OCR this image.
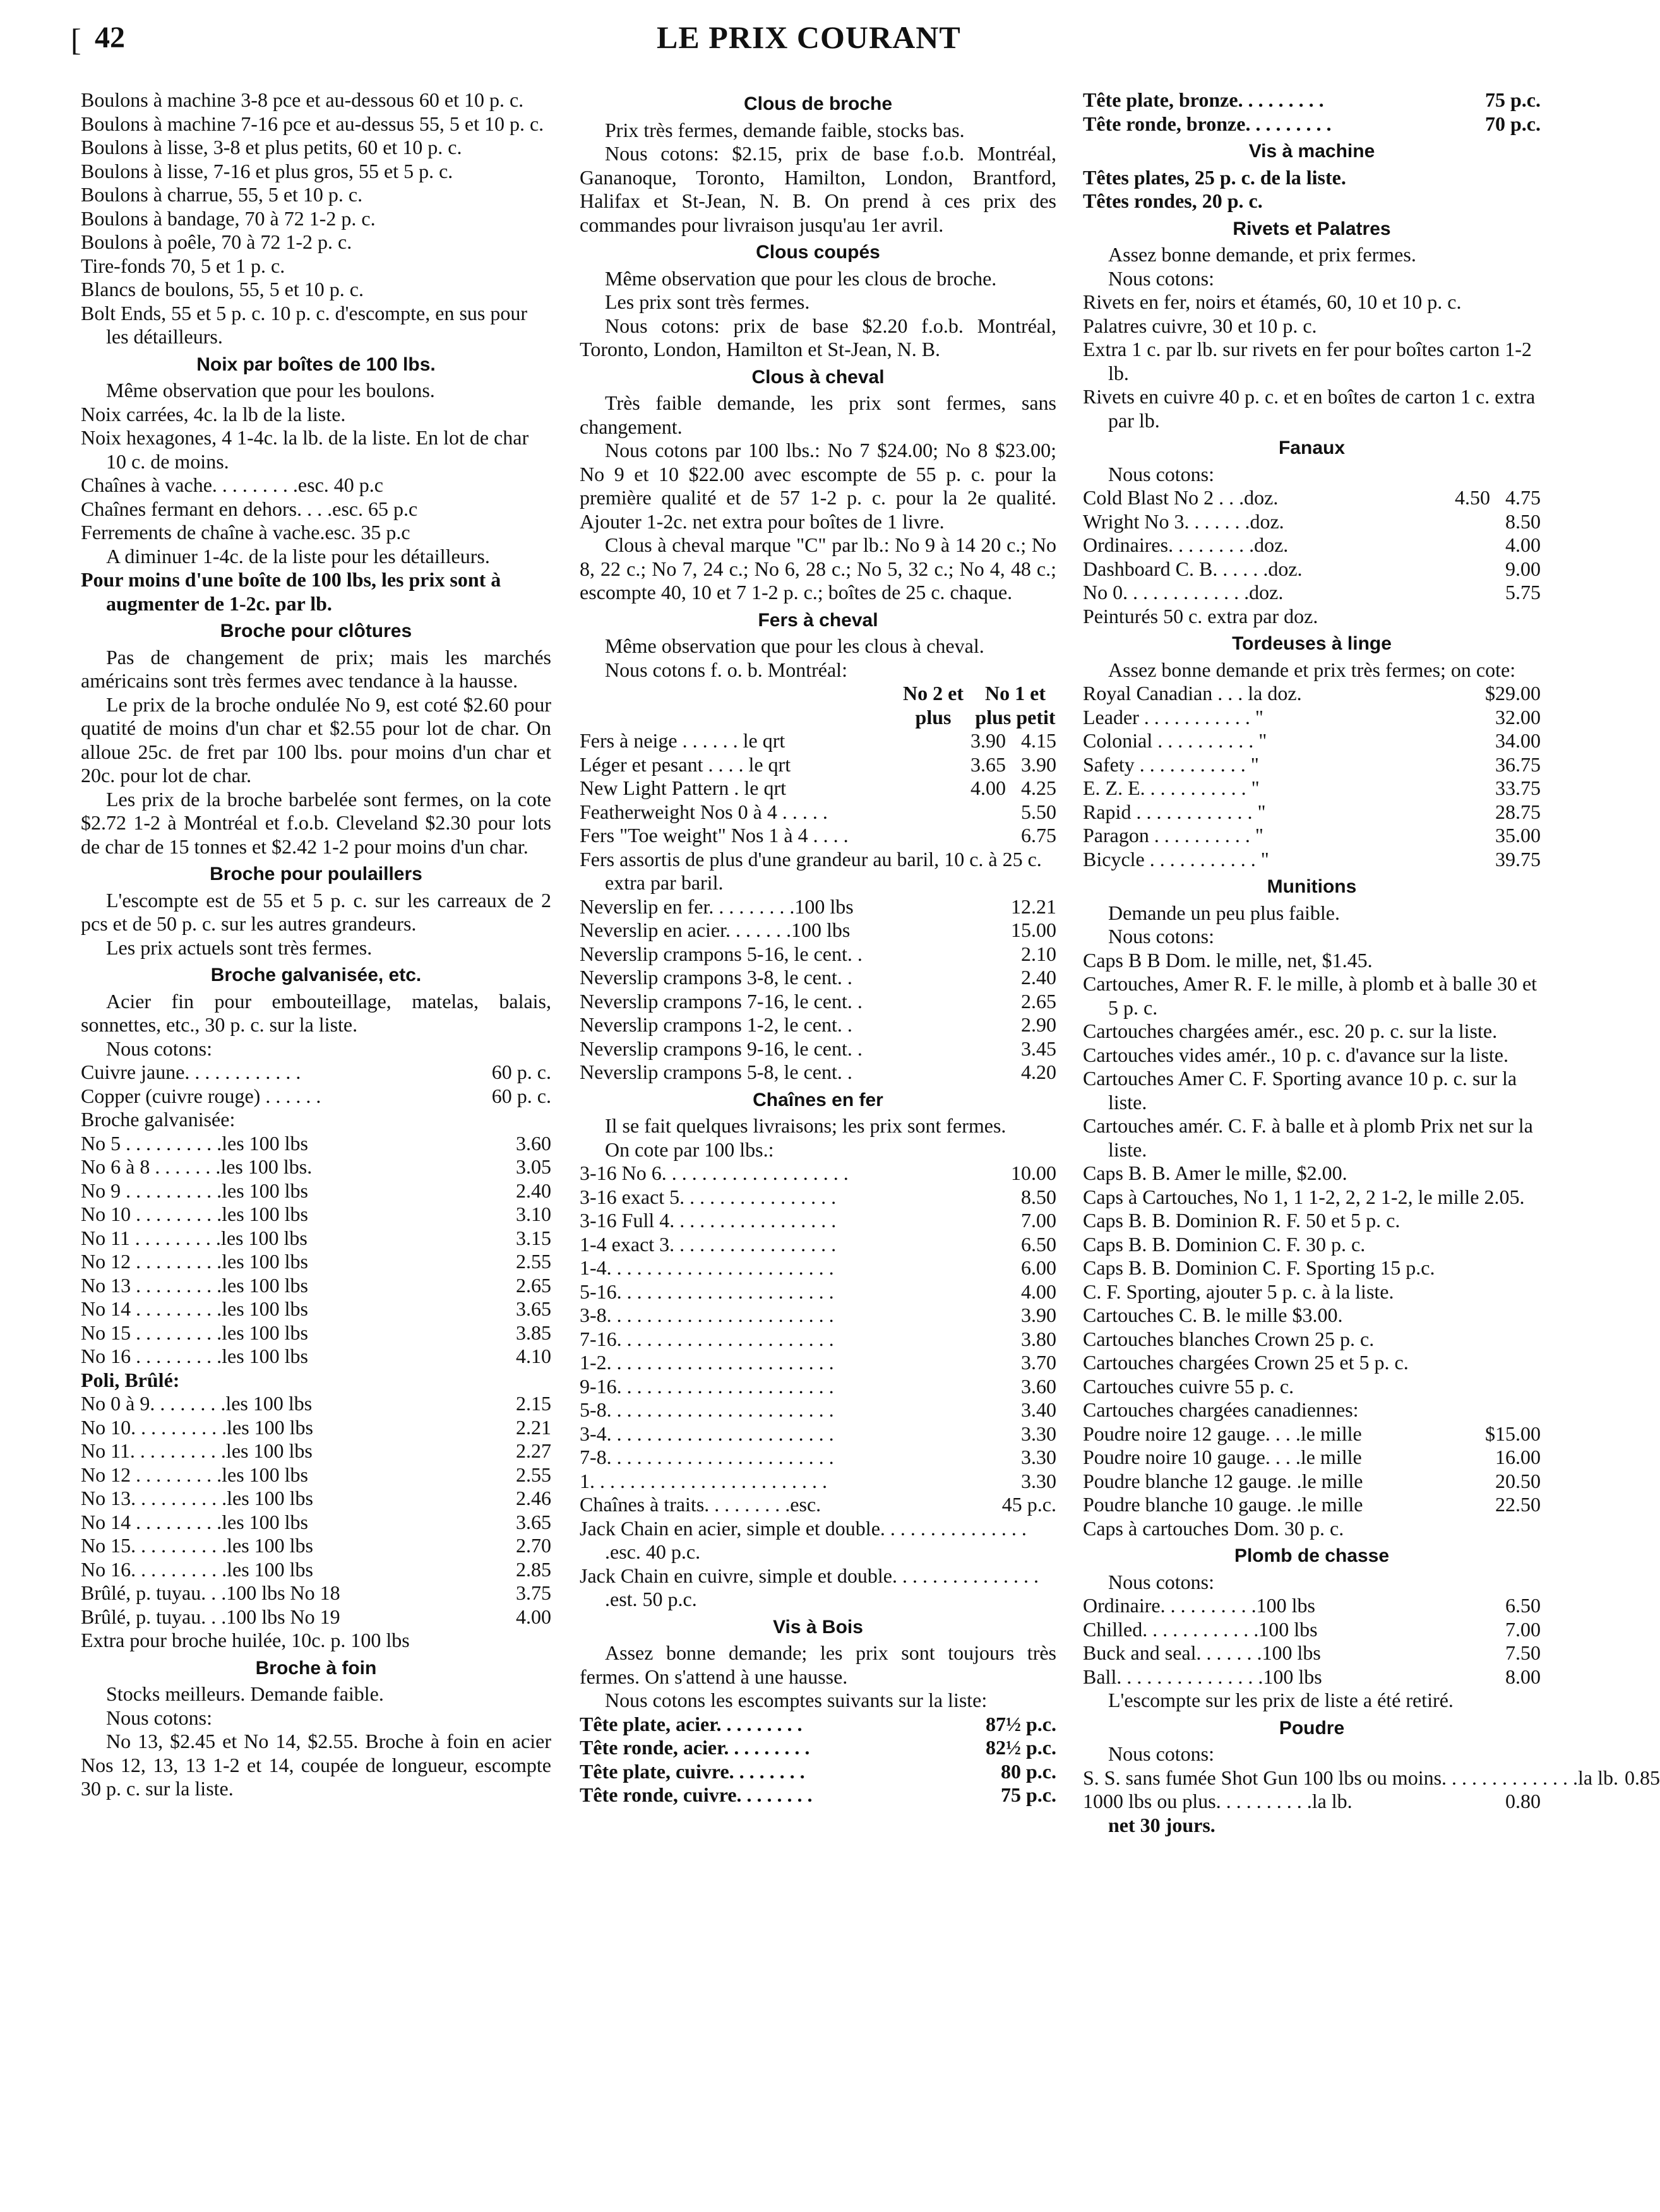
[ 42	LE PRIX COURANT
Boulons à machine 3-8 pce et au-dessous 60 et 10 p. c.
Boulons à machine 7-16 pce et au-dessus 55, 5 et 10 p. c.
Boulons à lisse, 3-8 et plus petits, 60 et 10 p. c.
Boulons à lisse, 7-16 et plus gros, 55 et 5 p. c.
Boulons à charrue, 55, 5 et 10 p. c.
Boulons à bandage, 70 à 72 1-2 p. c.
Boulons à poêle, 70 à 72 1-2 p. c.
Tire-fonds 70, 5 et 1 p. c.
Blancs de boulons, 55, 5 et 10 p. c.
Bolt Ends, 55 et 5 p. c. 10 p. c. d'escompte, en sus pour les détailleurs.
Noix par boîtes de 100 lbs.
Même observation que pour les boulons.
Noix carrées, 4c. la lb de la liste.
Noix hexagones, 4 1-4c. la lb. de la liste. En lot de char 10 c. de moins.
Chaînes à vache. . . . . . . . .esc. 40 p.c
Chaînes fermant en dehors. . . .esc. 65 p.c
Ferrements de chaîne à vache.esc. 35 p.c
A diminuer 1-4c. de la liste pour les détailleurs.
Pour moins d'une boîte de 100 lbs, les prix sont à augmenter de 1-2c. par lb.
Broche pour clôtures
Pas de changement de prix; mais les marchés américains sont très fermes avec tendance à la hausse.
Le prix de la broche ondulée No 9, est coté $2.60 pour quatité de moins d'un char et $2.55 pour lot de char. On alloue 25c. de fret par 100 lbs. pour moins d'un char et 20c. pour lot de char.
Les prix de la broche barbelée sont fermes, on la cote $2.72 1-2 à Montréal et f.o.b. Cleveland $2.30 pour lots de char de 15 tonnes et $2.42 1-2 pour moins d'un char.
Broche pour poulaillers
L'escompte est de 55 et 5 p. c. sur les carreaux de 2 pcs et de 50 p. c. sur les autres grandeurs.
Les prix actuels sont très fermes.
Broche galvanisée, etc.
Acier fin pour embouteillage, matelas, balais, sonnettes, etc., 30 p. c. sur la liste.
Nous cotons:
Cuivre jaune. . . . . . . . . . . .	60 p. c.
Copper (cuivre rouge) . . . . . .	60 p. c.
Broche galvanisée:
No 5 . . . . . . . . . .les 100 lbs	3.60
No 6 à 8 . . . . . . .les 100 lbs.	3.05
No 9 . . . . . . . . . .les 100 lbs	2.40
No 10 . . . . . . . . .les 100 lbs	3.10
No 11 . . . . . . . . .les 100 lbs	3.15
No 12 . . . . . . . . .les 100 lbs	2.55
No 13 . . . . . . . . .les 100 lbs	2.65
No 14 . . . . . . . . .les 100 lbs	3.65
No 15 . . . . . . . . .les 100 lbs	3.85
No 16 . . . . . . . . .les 100 lbs	4.10
Poli, Brûlé:
No 0 à 9. . . . . . . .les 100 lbs	2.15
No 10. . . . . . . . . .les 100 lbs	2.21
No 11. . . . . . . . . .les 100 lbs	2.27
No 12 . . . . . . . . .les 100 lbs	2.55
No 13. . . . . . . . . .les 100 lbs	2.46
No 14 . . . . . . . . .les 100 lbs	3.65
No 15. . . . . . . . . .les 100 lbs	2.70
No 16. . . . . . . . . .les 100 lbs	2.85
Brûlé, p. tuyau. . .100 lbs No 18	3.75
Brûlé, p. tuyau. . .100 lbs No 19	4.00
Extra pour broche huilée, 10c. p. 100 lbs
Broche à foin
Stocks meilleurs. Demande faible.
Nous cotons:
No 13, $2.45 et No 14, $2.55. Broche à foin en acier Nos 12, 13, 13 1-2 et 14, coupée de longueur, escompte 30 p. c. sur la liste.
Clous de broche
Prix très fermes, demande faible, stocks bas.
Nous cotons: $2.15, prix de base f.o.b. Montréal, Gananoque, Toronto, Hamilton, London, Brantford, Halifax et St-Jean, N. B. On prend à ces prix des commandes pour livraison jusqu'au 1er avril.
Clous coupés
Même observation que pour les clous de broche.
Les prix sont très fermes.
Nous cotons: prix de base $2.20 f.o.b. Montréal, Toronto, London, Hamilton et St-Jean, N. B.
Clous à cheval
Très faible demande, les prix sont fermes, sans changement.
Nous cotons par 100 lbs.: No 7 $24.00; No 8 $23.00; No 9 et 10 $22.00 avec escompte de 55 p. c. pour la première qualité et de 57 1-2 p. c. pour la 2e qualité. Ajouter 1-2c. net extra pour boîtes de 1 livre.
Clous à cheval marque "C" par lb.: No 9 à 14 20 c.; No 8, 22 c.; No 7, 24 c.; No 6, 28 c.; No 5, 32 c.; No 4, 48 c.; escompte 40, 10 et 7 1-2 p. c.; boîtes de 25 c. chaque.
Fers à cheval
Même observation que pour les clous à cheval.
Nous cotons f. o. b. Montréal:
No 2 et plus
No 1 et plus petit
Fers à neige . . . . . . le qrt	3.90 4.15
Léger et pesant . . . . le qrt	3.65 3.90
New Light Pattern . le qrt	4.00 4.25
Featherweight Nos 0 à 4 . . . . .	5.50
Fers "Toe weight" Nos 1 à 4 . . . .	6.75
Fers assortis de plus d'une grandeur au baril, 10 c. à 25 c. extra par baril.
Neverslip en fer. . . . . . . . .100 lbs	12.21
Neverslip en acier. . . . . . .100 lbs	15.00
Neverslip crampons 5-16, le cent. .	2.10
Neverslip crampons 3-8, le cent. .	2.40
Neverslip crampons 7-16, le cent. .	2.65
Neverslip crampons 1-2, le cent. .	2.90
Neverslip crampons 9-16, le cent. .	3.45
Neverslip crampons 5-8, le cent. .	4.20
Chaînes en fer
Il se fait quelques livraisons; les prix sont fermes.
On cote par 100 lbs.:
3-16 No 6. . . . . . . . . . . . . . . . . . .	10.00
3-16 exact 5. . . . . . . . . . . . . . . .	8.50
3-16 Full 4. . . . . . . . . . . . . . . . .	7.00
1-4 exact 3. . . . . . . . . . . . . . . . .	6.50
1-4. . . . . . . . . . . . . . . . . . . . . . .	6.00
5-16. . . . . . . . . . . . . . . . . . . . . .	4.00
3-8. . . . . . . . . . . . . . . . . . . . . . .	3.90
7-16. . . . . . . . . . . . . . . . . . . . . .	3.80
1-2. . . . . . . . . . . . . . . . . . . . . . .	3.70
9-16. . . . . . . . . . . . . . . . . . . . . .	3.60
5-8. . . . . . . . . . . . . . . . . . . . . . .	3.40
3-4. . . . . . . . . . . . . . . . . . . . . . .	3.30
7-8. . . . . . . . . . . . . . . . . . . . . . .	3.30
1. . . . . . . . . . . . . . . . . . . . . . . .	3.30
Chaînes à traits. . . . . . . . .esc.	45 p.c.
Jack Chain en acier, simple et double. . . . . . . . . . . . . . . .esc. 40 p.c.
Jack Chain en cuivre, simple et double. . . . . . . . . . . . . . . .est. 50 p.c.
Vis à Bois
Assez bonne demande; les prix sont toujours très fermes. On s'attend à une hausse.
Nous cotons les escomptes suivants sur la liste:
Tête plate, acier. . . . . . . . .	87½ p.c.
Tête ronde, acier. . . . . . . . .	82½ p.c.
Tête plate, cuivre. . . . . . . .	80 p.c.
Tête ronde, cuivre. . . . . . . .	75 p.c.
Tête plate, bronze. . . . . . . . .	75 p.c.
Tête ronde, bronze. . . . . . . . .	70 p.c.
Vis à machine
Têtes plates, 25 p. c. de la liste.
Têtes rondes, 20 p. c.
Rivets et Palatres
Assez bonne demande, et prix fermes.
Nous cotons:
Rivets en fer, noirs et étamés, 60, 10 et 10 p. c.
Palatres cuivre, 30 et 10 p. c.
Extra 1 c. par lb. sur rivets en fer pour boîtes carton 1-2 lb.
Rivets en cuivre 40 p. c. et en boîtes de carton 1 c. extra par lb.
Fanaux
Nous cotons:
Cold Blast No 2 . . .doz.	4.50 4.75
Wright No 3. . . . . . .doz.	8.50
Ordinaires. . . . . . . . .doz.	4.00
Dashboard C. B. . . . . .doz.	9.00
No 0. . . . . . . . . . . . .doz.	5.75
Peinturés 50 c. extra par doz.
Tordeuses à linge
Assez bonne demande et prix très fermes; on cote:
Royal Canadian . . . la doz.	$29.00
Leader . . . . . . . . . . . "	32.00
Colonial . . . . . . . . . . "	34.00
Safety . . . . . . . . . . . "	36.75
E. Z. E. . . . . . . . . . . "	33.75
Rapid . . . . . . . . . . . . "	28.75
Paragon . . . . . . . . . . "	35.00
Bicycle . . . . . . . . . . . "	39.75
Munitions
Demande un peu plus faible.
Nous cotons:
Caps B B Dom. le mille, net, $1.45.
Cartouches, Amer R. F. le mille, à plomb et à balle 30 et 5 p. c.
Cartouches chargées amér., esc. 20 p. c. sur la liste.
Cartouches vides amér., 10 p. c. d'avance sur la liste.
Cartouches Amer C. F. Sporting avance 10 p. c. sur la liste.
Cartouches amér. C. F. à balle et à plomb Prix net sur la liste.
Caps B. B. Amer le mille, $2.00.
Caps à Cartouches, No 1, 1 1-2, 2, 2 1-2, le mille 2.05.
Caps B. B. Dominion R. F. 50 et 5 p. c.
Caps B. B. Dominion C. F. 30 p. c.
Caps B. B. Dominion C. F. Sporting 15 p.c.
C. F. Sporting, ajouter 5 p. c. à la liste.
Cartouches C. B. le mille $3.00.
Cartouches blanches Crown 25 p. c.
Cartouches chargées Crown 25 et 5 p. c.
Cartouches cuivre 55 p. c.
Cartouches chargées canadiennes:
Poudre noire 12 gauge. . . .le mille	$15.00
Poudre noire 10 gauge. . . .le mille	16.00
Poudre blanche 12 gauge. .le mille	20.50
Poudre blanche 10 gauge. .le mille	22.50
Caps à cartouches Dom. 30 p. c.
Plomb de chasse
Nous cotons:
Ordinaire. . . . . . . . . .100 lbs	6.50
Chilled. . . . . . . . . . . .100 lbs	7.00
Buck and seal. . . . . . .100 lbs	7.50
Ball. . . . . . . . . . . . . . .100 lbs	8.00
L'escompte sur les prix de liste a été retiré.
Poudre
Nous cotons:
S. S. sans fumée Shot Gun 100 lbs ou moins. . . . . . . . . . . . . .la lb. 0.85
1000 lbs ou plus. . . . . . . . . .la lb.	0.80
net 30 jours.
